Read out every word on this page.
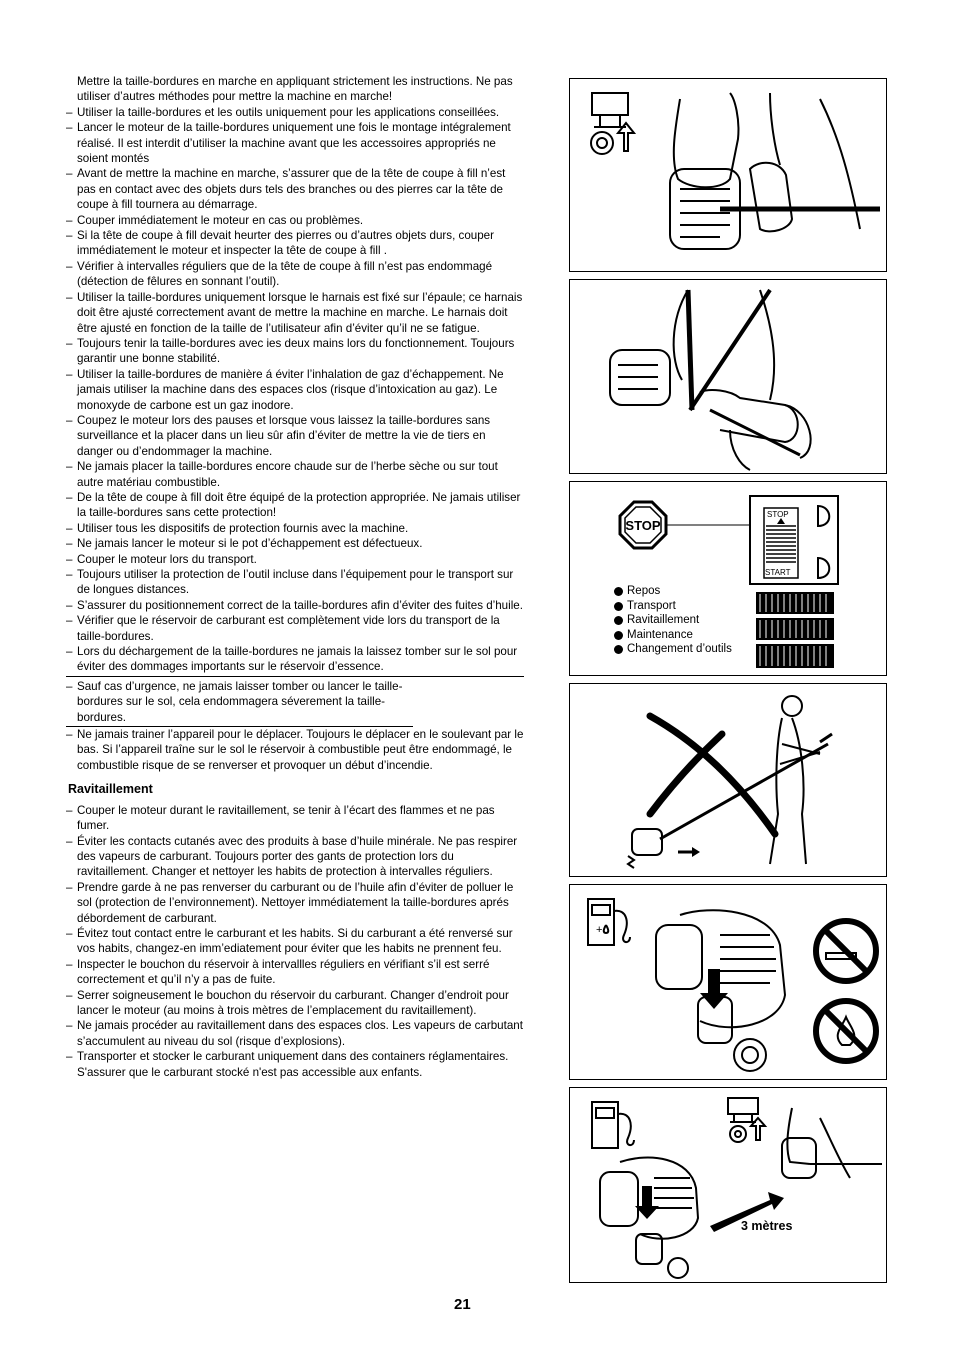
Mettre la taille-bordures en marche en appliquant strictement les instructions. Ne pas utiliser d’autres méthodes pour mettre la machine en marche!
– Utiliser la taille-bordures et les outils uniquement pour les applications conseillées.
– Lancer le moteur de la taille-bordures uniquement une fois le montage intégralement réalisé. Il est interdit d’utiliser la machine avant que les accessoires appropriés ne soient montés
– Avant de mettre la machine en marche, s’assurer que de la tête de coupe à fill n’est pas en contact avec des objets durs tels des branches ou des pierres car la tête de coupe à fill tournera au démarrage.
– Couper immédiatement le moteur en cas ou problèmes.
– Si la tête de coupe à fill devait heurter des pierres ou d’autres objets durs, couper immédiatement le moteur et inspecter la tête de coupe à fill .
– Vérifier à intervalles réguliers que de la tête de coupe à fill n’est pas endommagé (détection de fêlures en sonnant l’outil).
– Utiliser la taille-bordures uniquement lorsque le harnais est fixé sur l’épaule; ce harnais doit être ajusté correctement avant de mettre la machine en marche. Le harnais doit être ajusté en fonction de la taille de l’utilisateur afin d’éviter qu’il ne se fatigue.
– Toujours tenir la taille-bordures avec ies deux mains lors du fonctionnement. Toujours garantir une bonne stabilité.
– Utiliser la taille-bordures de manière á éviter l’inhalation de gaz d’échappement. Ne jamais utiliser la machine dans des espaces clos (risque d’intoxication au gaz). Le monoxyde de carbone est un gaz inodore.
– Coupez le moteur lors des pauses et lorsque vous laissez la taille-bordures sans surveillance et la placer dans un lieu sûr afin d’éviter de mettre la vie de tiers en danger ou d’endommager la machine.
– Ne jamais placer la taille-bordures encore chaude sur de l’herbe sèche ou sur tout autre matériau combustible.
– De la tête de coupe à fill doit être équipé de la protection appropriée. Ne jamais utiliser la taille-bordures sans cette protection!
– Utiliser tous les dispositifs de protection fournis avec la machine.
– Ne jamais lancer le moteur si le pot d’échappement est défectueux.
– Couper le moteur lors du transport.
– Toujours utiliser la protection de l’outil incluse dans l’équipement pour le transport sur de longues distances.
– S’assurer du positionnement correct de la taille-bordures afin d’éviter des fuites d’huile.
– Vérifier que le réservoir de carburant est complètement vide lors du transport de la taille-bordures.
– Lors du déchargement de la taille-bordures ne jamais la laissez tomber sur le sol pour éviter des dommages importants sur le réservoir d’essence.
– Sauf cas d’urgence, ne jamais laisser tomber ou lancer le taille-bordures sur le sol, cela endommagera séverement la taille-bordures.
– Ne jamais trainer l’appareil pour le déplacer. Toujours le déplacer en le soulevant par le bas. Si l’appareil traîne sur le sol le réservoir à combustible peut être endommagé, le combustible risque de se renverser et provoquer un début d’incendie.
Ravitaillement
– Couper le moteur durant le ravitaillement, se tenir à l’écart des flammes et ne pas fumer.
– Éviter les contacts cutanés avec des produits à base d’huile minérale. Ne pas respirer des vapeurs de carburant. Toujours porter des gants de protection lors du ravitaillement. Changer et nettoyer les habits de protection à intervalles réguliers.
– Prendre garde à ne pas renverser du carburant ou de l’huile afin d’éviter de polluer le sol (protection de l’environnement). Nettoyer immédiatement la taille-bordures aprés débordement de carburant.
– Évitez tout contact entre le carburant et les habits. Si du carburant a été renversé sur vos habits, changez-en imm’ediatement pour éviter que les habits ne prennent feu.
– Inspecter le bouchon du réservoir à intervallles réguliers en vérifiant s’il est serré correctement et qu’il n’y a pas de fuite.
– Serrer soigneusement le bouchon du réservoir du carburant. Changer d’endroit pour lancer le moteur (au moins à trois mètres de l’emplacement du ravitaillement).
– Ne jamais procéder au ravitaillement dans des espaces clos. Les vapeurs de carbutant s’accumulent au niveau du sol (risque d’explosions).
– Transporter et stocker le carburant uniquement dans des containers réglamentaires. S'assurer que le carburant stocké n'est pas accessible aux enfants.
STOP
STOP
START
Repos
Transport
Ravitaillement
Maintenance
Changement d’outils
+
3 mètres
21
